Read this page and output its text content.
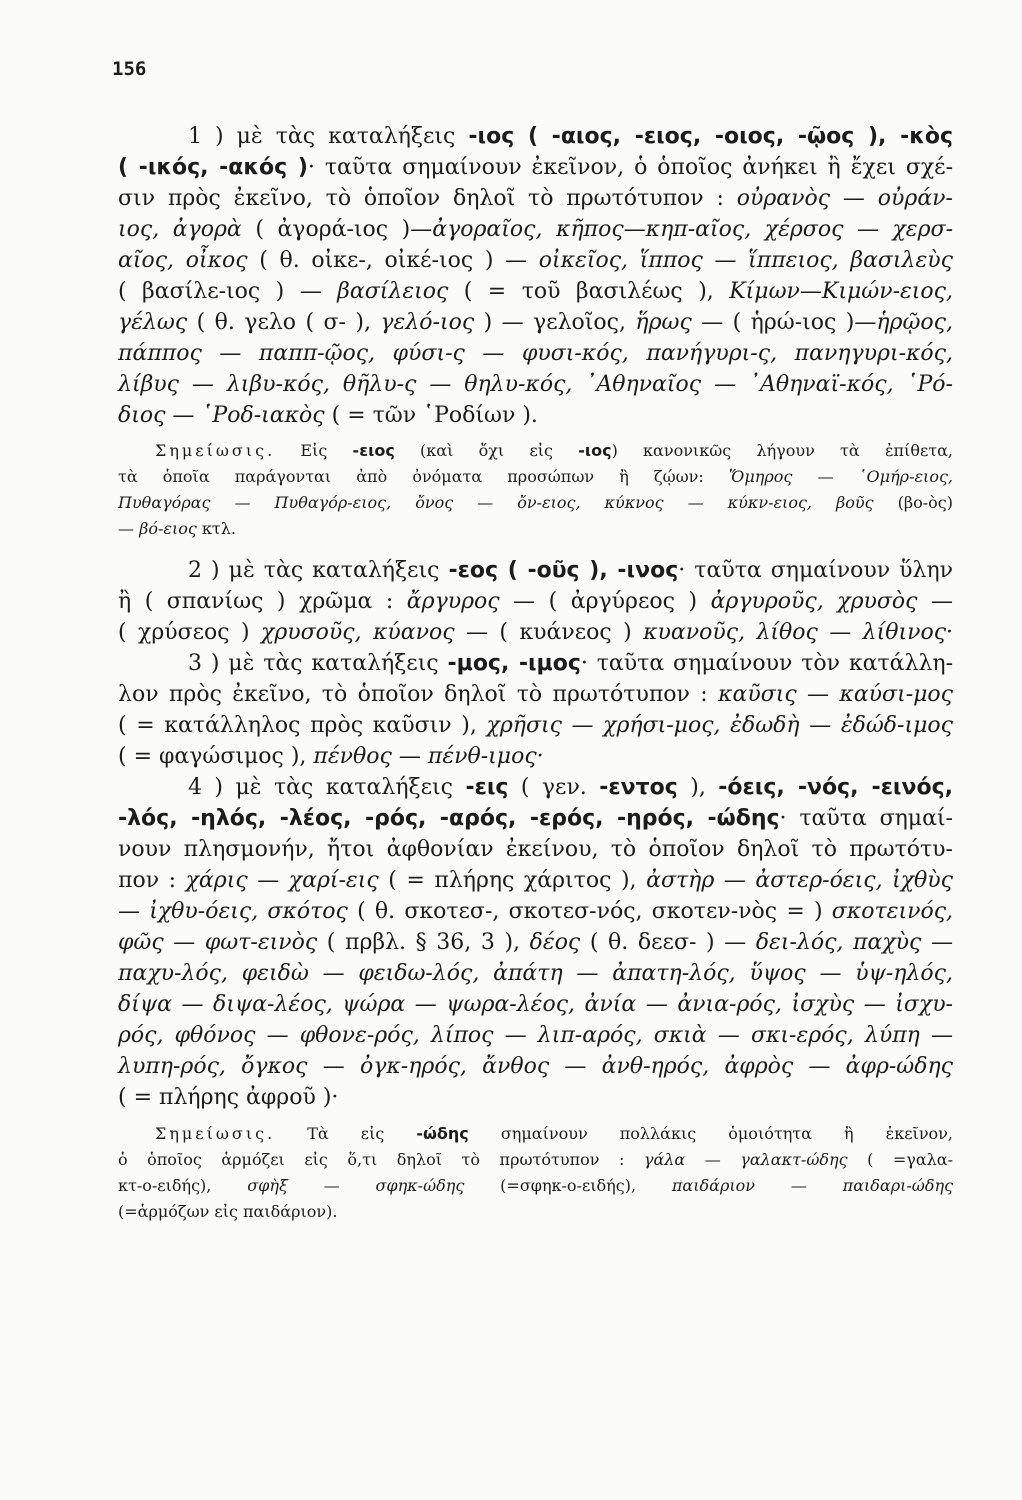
156
1 ) μὲ τὰς καταλήξεις -ιος ( -αιος, -ειος, -οιος, -ῷος ), -κὸς
( -ικός, -ακός )· ταῦτα σημαίνουν ἐκεῖνον, ὁ ὁποῖος ἀνήκει ἢ ἔχει σχέ-
σιν πρὸς ἐκεῖνο, τὸ ὁποῖον δηλοῖ τὸ πρωτότυπον : οὐρανὸς — οὐράν-
ιος, ἀγορὰ ( ἀγορά-ιος )—ἀγοραῖος, κῆπος—κηπ-αῖος, χέρσος — χερσ-
αῖος, οἶκος ( θ. οἰκε-, οἰκέ-ιος ) — οἰκεῖος, ἵππος — ἵππειος, βασιλεὺς
( βασίλε-ιος ) — βασίλειος ( = τοῦ βασιλέως ), Κίμων—Κιμών-ειος,
γέλως ( θ. γελο ( σ- ), γελό-ιος ) — γελοῖος, ἥρως — ( ἡρώ-ιος )—ἡρῷος,
πάππος — παππ-ῷος, φύσι-ς — φυσι-κός, πανήγυρι-ς, πανηγυρι-κός,
λίβυς — λιβυ-κός, θῆλυ-ς — θηλυ-κός, ᾿Αθηναῖος — ᾿Αθηναϊ-κός, ῾Ρό-
διος — ῾Ροδ-ιακὸς ( = τῶν ῾Ροδίων ).
Σημείωσις. Εἰς -ειος (καὶ ὄχι εἰς -ιος) κανονικῶς λήγουν τὰ ἐπίθετα,
τὰ ὁποῖα παράγονται ἀπὸ ὀνόματα προσώπων ἢ ζῴων: Ὅμηρος — ῾Ομήρ-ειος,
Πυθαγόρας — Πυθαγόρ-ειος, ὄνος — ὄν-ειος, κύκνος — κύκν-ειος, βοῦς (βο-ὸς)
— βό-ειος κτλ.
2 ) μὲ τὰς καταλήξεις -εος ( -οῦς ), -ινος· ταῦτα σημαίνουν ὕλην
ἢ ( σπανίως ) χρῶμα : ἄργυρος — ( ἀργύρεος ) ἀργυροῦς, χρυσὸς —
( χρύσεος ) χρυσοῦς, κύανος — ( κυάνεος ) κυανοῦς, λίθος — λίθινος·
3 ) μὲ τὰς καταλήξεις -μος, -ιμος· ταῦτα σημαίνουν τὸν κατάλλη-
λον πρὸς ἐκεῖνο, τὸ ὁποῖον δηλοῖ τὸ πρωτότυπον : καῦσις — καύσι-μος
( = κατάλληλος πρὸς καῦσιν ), χρῆσις — χρήσι-μος, ἐδωδὴ — ἐδώδ-ιμος
( = φαγώσιμος ), πένθος — πένθ-ιμος·
4 ) μὲ τὰς καταλήξεις -εις ( γεν. -εντος ), -όεις, -νός, -εινός,
-λός, -ηλός, -λέος, -ρός, -αρός, -ερός, -ηρός, -ώδης· ταῦτα σημαί-
νουν πλησμονήν, ἤτοι ἀφθονίαν ἐκείνου, τὸ ὁποῖον δηλοῖ τὸ πρωτότυ-
πον : χάρις — χαρί-εις ( = πλήρης χάριτος ), ἀστὴρ — ἀστερ-όεις, ἰχθὺς
— ἰχθυ-όεις, σκότος ( θ. σκοτεσ-, σκοτεσ-νός, σκοτεν-νὸς = ) σκοτεινός,
φῶς — φωτ-εινὸς ( πρβλ. § 36, 3 ), δέος ( θ. δεεσ- ) — δει-λός, παχὺς —
παχυ-λός, φειδὼ — φειδω-λός, ἀπάτη — ἀπατη-λός, ὕψος — ὑψ-ηλός,
δίψα — διψα-λέος, ψώρα — ψωρα-λέος, ἀνία — ἀνια-ρός, ἰσχὺς — ἰσχυ-
ρός, φθόνος — φθονε-ρός, λίπος — λιπ-αρός, σκιὰ — σκι-ερός, λύπη —
λυπη-ρός, ὄγκος — ὀγκ-ηρός, ἄνθος — ἀνθ-ηρός, ἀφρὸς — ἀφρ-ώδης
( = πλήρης ἀφροῦ )·
Σημείωσις. Τὰ εἰς -ώδης σημαίνουν πολλάκις ὁμοιότητα ἢ ἐκεῖνον,
ὁ ὁποῖος ἁρμόζει εἰς ὅ,τι δηλοῖ τὸ πρωτότυπον : γάλα — γαλακτ-ώδης ( =γαλα-
κτ-ο-ειδής), σφὴξ — σφηκ-ώδης (=σφηκ-ο-ειδής), παιδάριον — παιδαρι-ώδης
(=ἁρμόζων εἰς παιδάριον).
